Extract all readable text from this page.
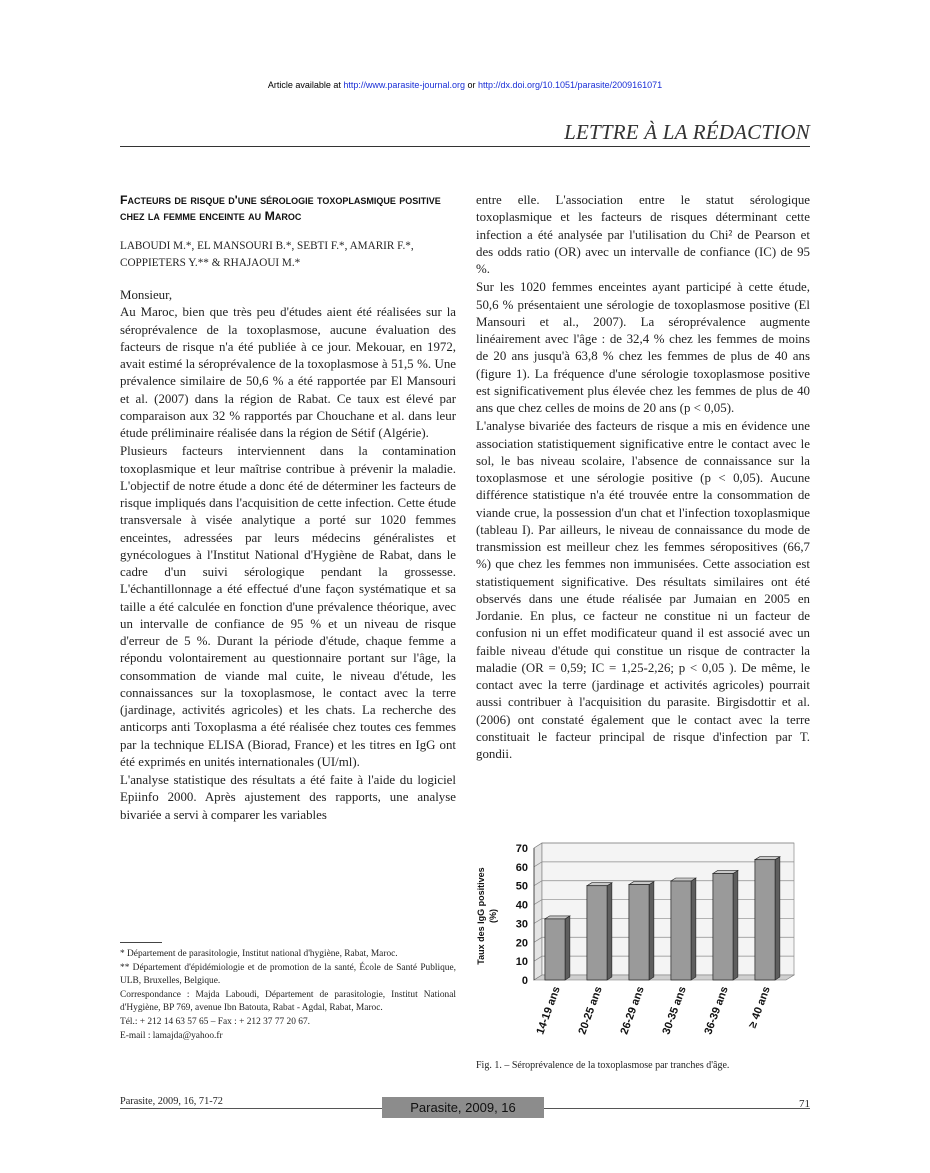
Article available at http://www.parasite-journal.org or http://dx.doi.org/10.1051/parasite/2009161071
LETTRE À LA RÉDACTION
Facteurs de risque d'une sérologie toxoplasmique positive chez la femme enceinte au Maroc
LABOUDI M.*, EL MANSOURI B.*, SEBTI F.*, AMARIR F.*, COPPIETERS Y.** & RHAJAOUI M.*

Monsieur,

Au Maroc, bien que très peu d'études aient été réalisées sur la séroprévalence de la toxoplasmose, aucune évaluation des facteurs de risque n'a été publiée à ce jour. Mekouar, en 1972, avait estimé la séroprévalence de la toxoplasmose à 51,5 %. Une prévalence similaire de 50,6 % a été rapportée par El Mansouri et al. (2007) dans la région de Rabat. Ce taux est élevé par comparaison aux 32 % rapportés par Chouchane et al. dans leur étude préliminaire réalisée dans la région de Sétif (Algérie).

Plusieurs facteurs interviennent dans la contamination toxoplasmique et leur maîtrise contribue à prévenir la maladie. L'objectif de notre étude a donc été de déterminer les facteurs de risque impliqués dans l'acquisition de cette infection. Cette étude transversale à visée analytique a porté sur 1020 femmes enceintes, adressées par leurs médecins généralistes et gynécologues à l'Institut National d'Hygiène de Rabat, dans le cadre d'un suivi sérologique pendant la grossesse. L'échantillonnage a été effectué d'une façon systématique et sa taille a été calculée en fonction d'une prévalence théorique, avec un intervalle de confiance de 95 % et un niveau de risque d'erreur de 5 %. Durant la période d'étude, chaque femme a répondu volontairement au questionnaire portant sur l'âge, la consommation de viande mal cuite, le niveau d'étude, les connaissances sur la toxoplasmose, le contact avec la terre (jardinage, activités agricoles) et les chats. La recherche des anticorps anti Toxoplasma a été réalisée chez toutes ces femmes par la technique ELISA (Biorad, France) et les titres en IgG ont été exprimés en unités internationales (UI/ml).

L'analyse statistique des résultats a été faite à l'aide du logiciel Epiinfo 2000. Après ajustement des rapports, une analyse bivariée a servi à comparer les variables

entre elle. L'association entre le statut sérologique toxoplasmique et les facteurs de risques déterminant cette infection a été analysée par l'utilisation du Chi² de Pearson et des odds ratio (OR) avec un intervalle de confiance (IC) de 95 %.

Sur les 1020 femmes enceintes ayant participé à cette étude, 50,6 % présentaient une sérologie de toxoplasmose positive (El Mansouri et al., 2007). La séroprévalence augmente linéairement avec l'âge : de 32,4 % chez les femmes de moins de 20 ans jusqu'à 63,8 % chez les femmes de plus de 40 ans (figure 1). La fréquence d'une sérologie toxoplasmose positive est significativement plus élevée chez les femmes de plus de 40 ans que chez celles de moins de 20 ans (p < 0,05).

L'analyse bivariée des facteurs de risque a mis en évidence une association statistiquement significative entre le contact avec le sol, le bas niveau scolaire, l'absence de connaissance sur la toxoplasmose et une sérologie positive (p < 0,05). Aucune différence statistique n'a été trouvée entre la consommation de viande crue, la possession d'un chat et l'infection toxoplasmique (tableau I). Par ailleurs, le niveau de connaissance du mode de transmission est meilleur chez les femmes séropositives (66,7 %) que chez les femmes non immunisées. Cette association est statistiquement significative. Des résultats similaires ont été observés dans une étude réalisée par Jumaian en 2005 en Jordanie. En plus, ce facteur ne constitue ni un facteur de confusion ni un effet modificateur quand il est associé avec un faible niveau d'étude qui constitue un risque de contracter la maladie (OR = 0,59; IC = 1,25-2,26; p < 0,05 ). De même, le contact avec la terre (jardinage et activités agricoles) pourrait aussi contribuer à l'acquisition du parasite. Birgisdottir et al. (2006) ont constaté également que le contact avec la terre constituait le facteur principal de risque d'infection par T. gondii.

* Département de parasitologie, Institut national d'hygiène, Rabat, Maroc.
** Département d'épidémiologie et de promotion de la santé, École de Santé Publique, ULB, Bruxelles, Belgique.
Correspondance : Majda Laboudi, Département de parasitologie, Institut National d'Hygiène, BP 769, avenue Ibn Batouta, Rabat - Agdal, Rabat, Maroc.
Tél.: + 212 14 63 57 65 – Fax : + 212 37 77 20 67.
E-mail : lamajda@yahoo.fr
0
10
20
30
40
50
60
70
Taux des IgG positives (%)
14-19 ans 20-25 ans 26-29 ans 30-35 ans 36-39 ans ≥ 40 ans
Fig. 1. – Séroprévalence de la toxoplasmose par tranches d'âge.
Parasite, 2009, 16, 71-72	Parasite, 2009, 16	71
